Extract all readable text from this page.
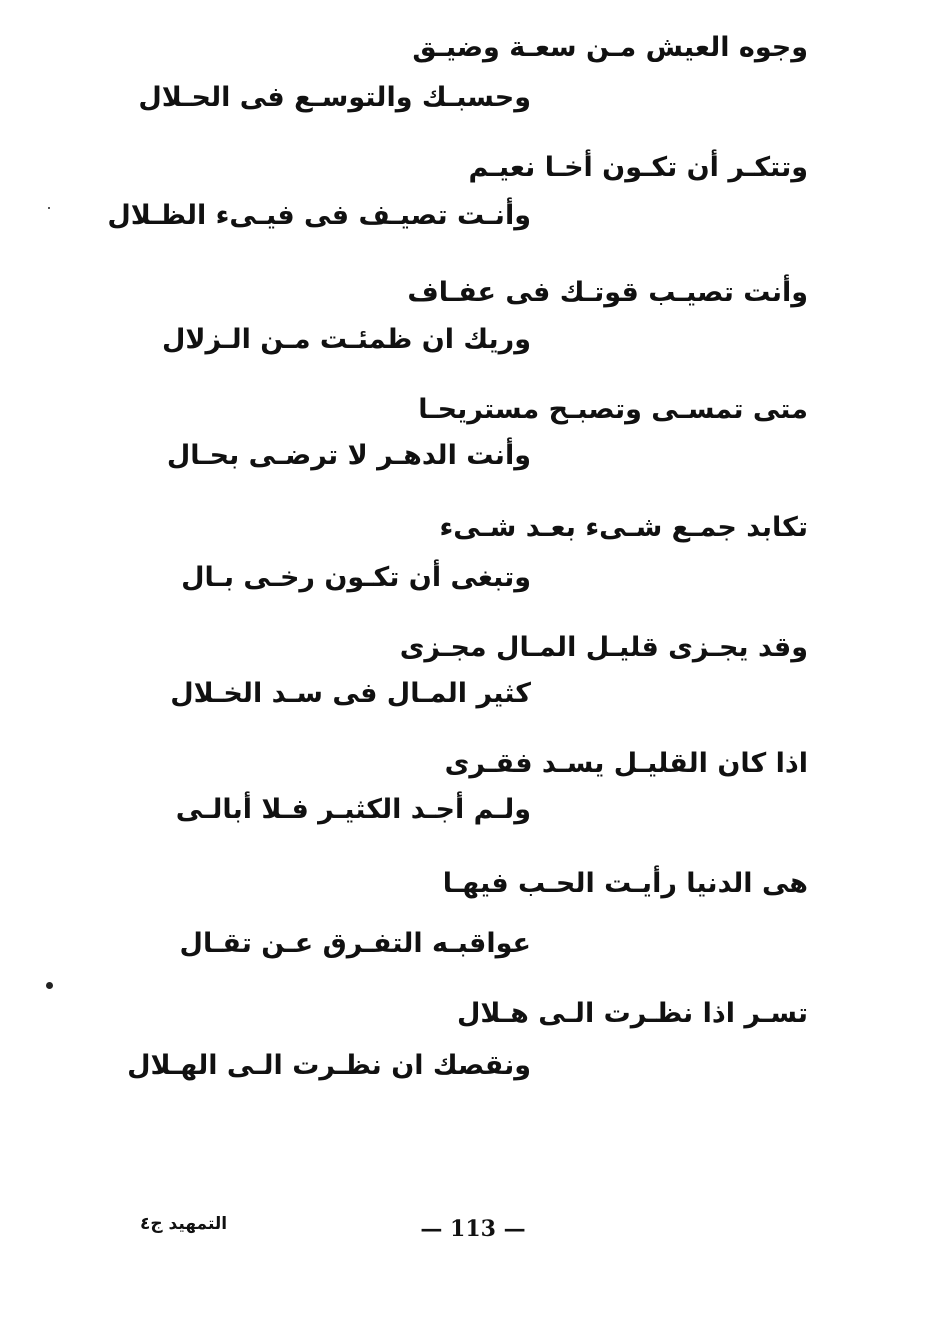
وجوه العيش مـن سعـة وضيـق
وحسبـك والتوسـع فى الحـلال
وتتكـر أن تكـون أخـا نعيـم
وأنـت تصيـف فى فيـىء الظـلال
وأنت تصيـب قوتـك فى عفـاف
وريك ان ظمئـت مـن الـزلال
متى تمسـى وتصبـح مستريحـا
وأنت الدهـر لا ترضـى بحـال
تكابد جمـع شـىء بعـد شـىء
وتبغى أن تكـون رخـى بـال
وقد يجـزى قليـل المـال مجـزى
كثير المـال فى سـد الخـلال
اذا كان القليـل يسـد فقـرى
ولـم أجـد الكثيـر فـلا أبالـى
هى الدنيا رأيـت الحـب فيهـا
عواقبـه التفـرق عـن تقـال
تسـر اذا نظـرت الـى هـلال
ونقصك ان نظـرت الـى الهـلال
التمهيد ج٤	— 113 —
